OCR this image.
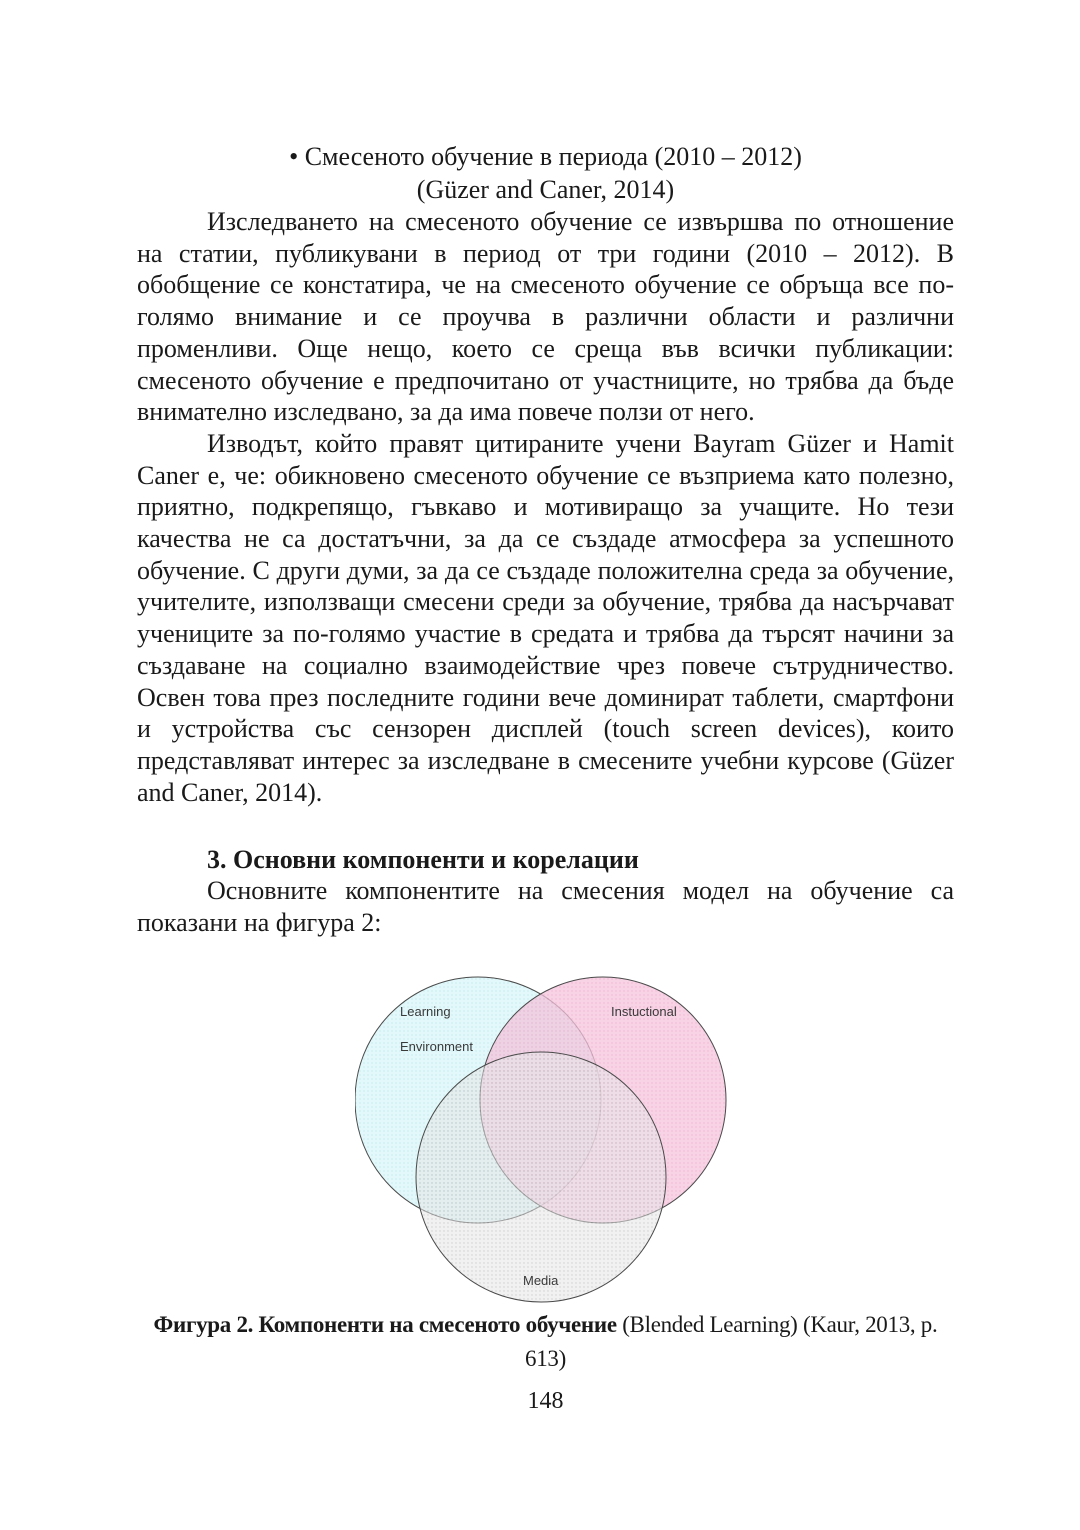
• Смесеното обучение в периода (2010 – 2012)

(Güzer and Caner, 2014)

Изследването на смесеното обучение се извършва по отношение на статии, публикувани в период от три години (2010 – 2012). В обобщение се констатира, че на смесеното обучение се обръща все по-голямо внимание и се проучва в различни области и различни променливи. Още нещо, което се среща във всички публикации: смесеното обучение е предпочитано от участниците, но трябва да бъде внимателно изследвано, за да има повече ползи от него.

Изводът, който правят цитираните учени Bayram Güzer и Hamit Caner е, че: обикновено смесеното обучение се възприема като полезно, приятно, подкрепящо, гъвкаво и мотивиращо за учащите. Но тези качества не са достатъчни, за да се създаде атмосфера за успешното обучение. С други думи, за да се създаде положителна среда за обучение, учителите, използващи смесени среди за обучение, трябва да насърчават учениците за по-голямо участие в средата и трябва да търсят начини за създаване на социално взаимодействие чрез повече сътрудничество. Освен това през последните години вече доминират таблети, смартфони и устройства със сензорен дисплей (touch screen devices), които представляват интерес за изследване в смесените учебни курсове (Güzer and Caner, 2014).

3. Основни компоненти и корелации

Основните компонентите на смесения модел на обучение са показани на фигура 2:

Learning
Environment
Instuctional
Media
Фигура 2. Компоненти на смесеното обучение (Blended Learning) (Kaur, 2013, p. 613)
148
